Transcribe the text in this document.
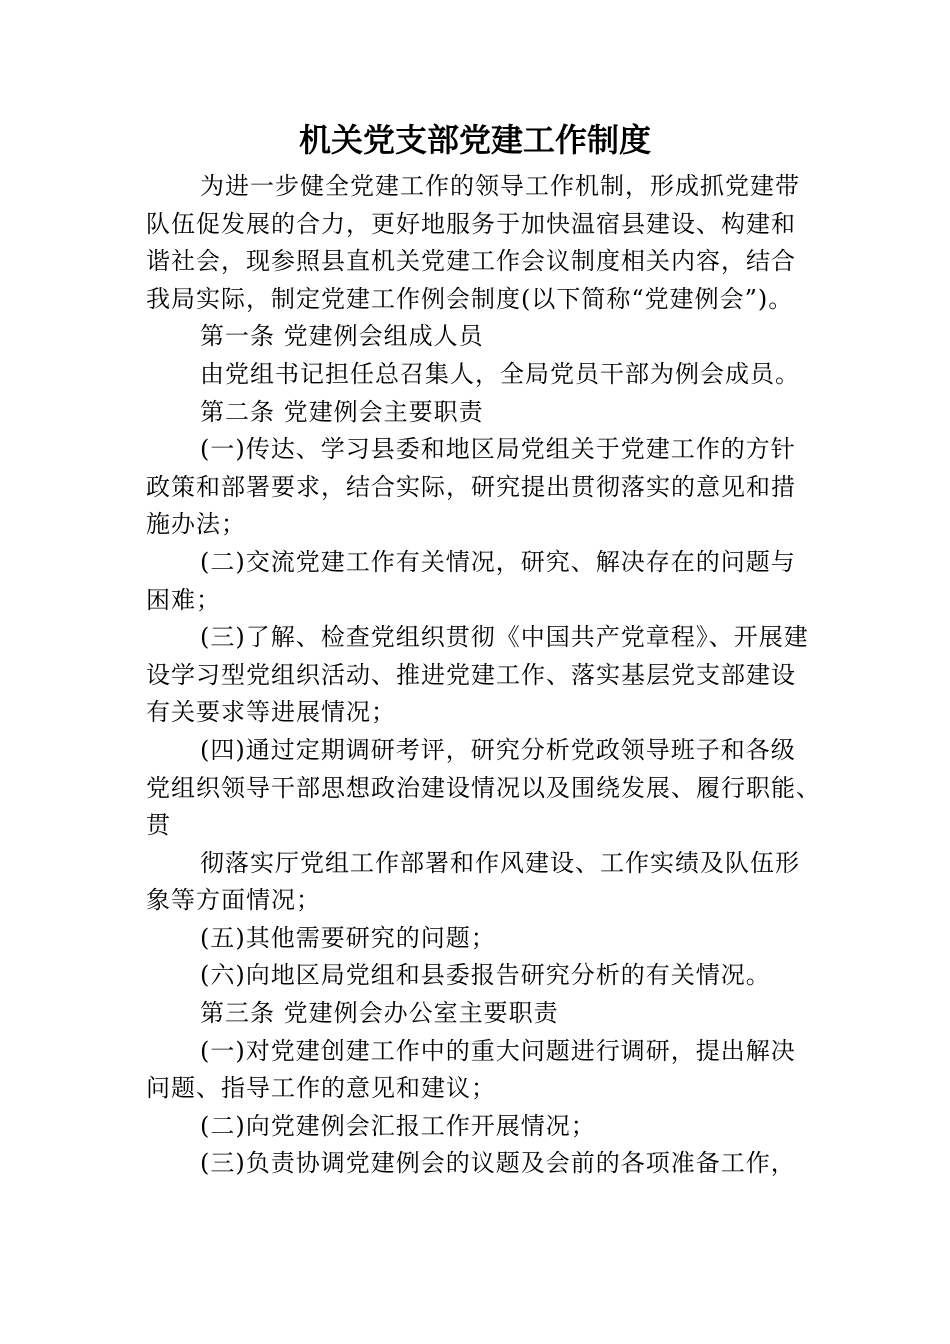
机关党支部党建工作制度
为进一步健全党建工作的领导工作机制，形成抓党建带
队伍促发展的合力，更好地服务于加快温宿县建设、构建和
谐社会，现参照县直机关党建工作会议制度相关内容，结合
我局实际，制定党建工作例会制度(以下简称“党建例会”)。
第一条 党建例会组成人员
由党组书记担任总召集人，全局党员干部为例会成员。
第二条 党建例会主要职责
(一)传达、学习县委和地区局党组关于党建工作的方针
政策和部署要求，结合实际，研究提出贯彻落实的意见和措
施办法；
(二)交流党建工作有关情况，研究、解决存在的问题与
困难；
(三)了解、检查党组织贯彻《中国共产党章程》、开展建
设学习型党组织活动、推进党建工作、落实基层党支部建设
有关要求等进展情况；
(四)通过定期调研考评，研究分析党政领导班子和各级
党组织领导干部思想政治建设情况以及围绕发展、履行职能、
贯
彻落实厅党组工作部署和作风建设、工作实绩及队伍形
象等方面情况；
(五)其他需要研究的问题；
(六)向地区局党组和县委报告研究分析的有关情况。
第三条 党建例会办公室主要职责
(一)对党建创建工作中的重大问题进行调研，提出解决
问题、指导工作的意见和建议；
(二)向党建例会汇报工作开展情况；
(三)负责协调党建例会的议题及会前的各项准备工作，
